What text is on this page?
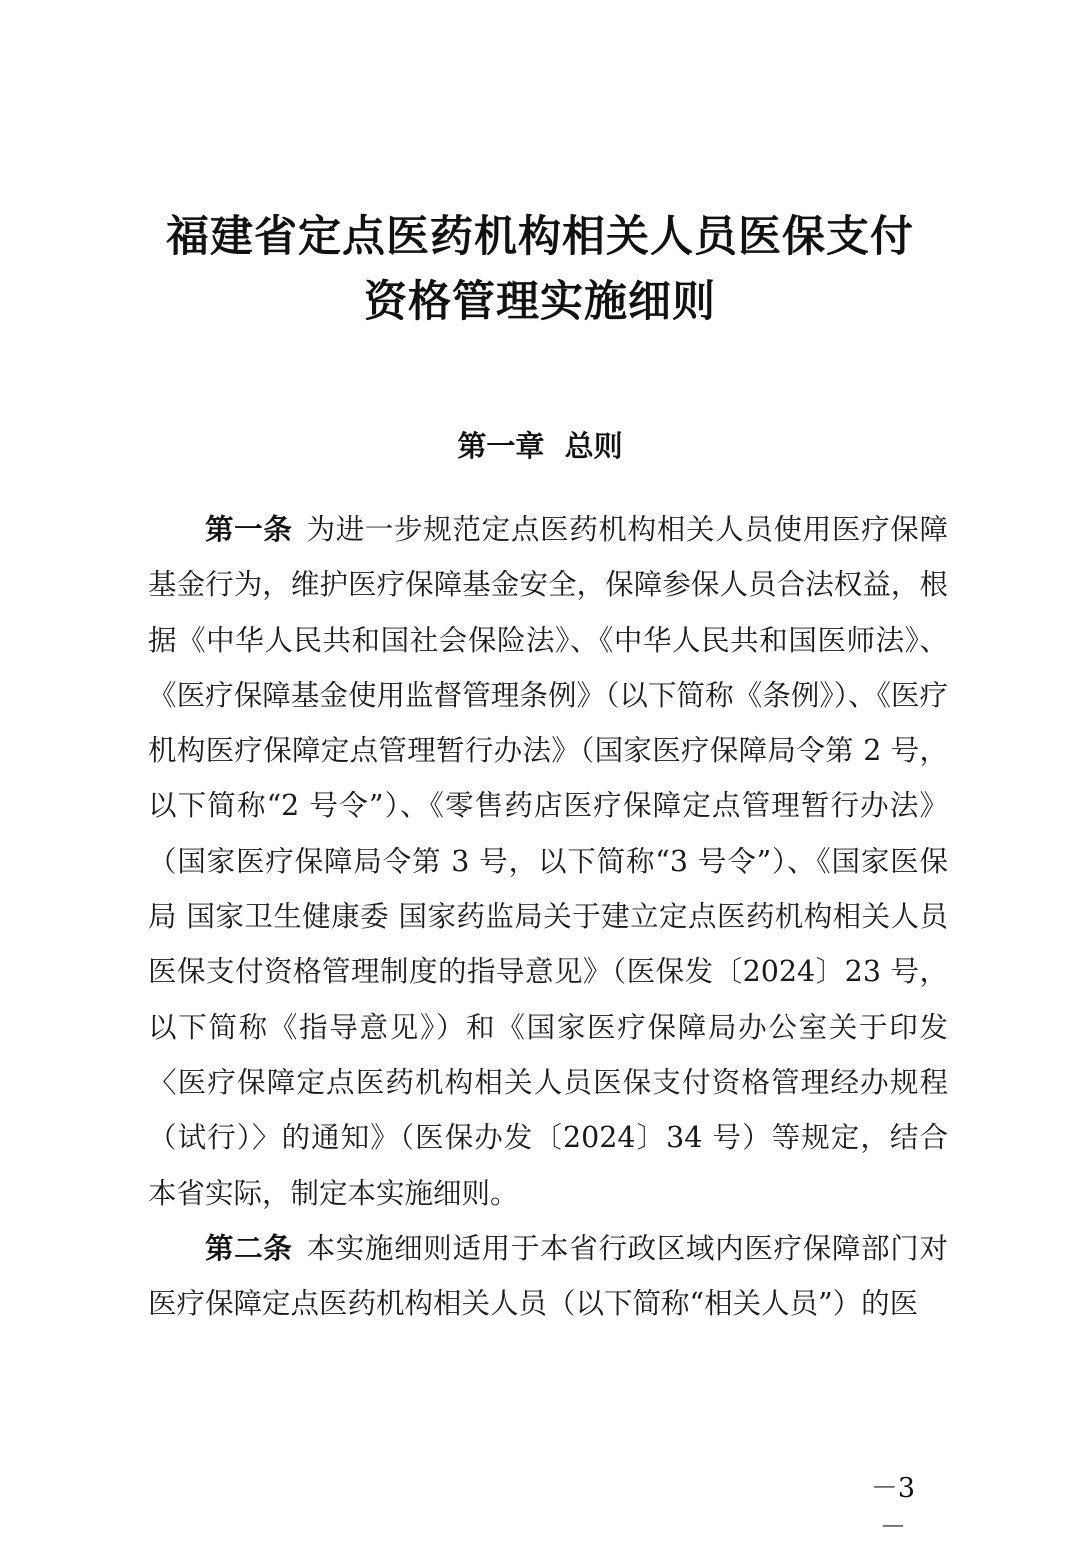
福建省定点医药机构相关人员医保支付
资格管理实施细则
第一章 总则

第一条 为进一步规范定点医药机构相关人员使用医疗保障基金行为，维护医疗保障基金安全，保障参保人员合法权益，根据《中华人民共和国社会保险法》、《中华人民共和国医师法》、《医疗保障基金使用监督管理条例》（以下简称《条例》）、《医疗机构医疗保障定点管理暂行办法》（国家医疗保障局令第 2 号，以下简称“2 号令”）、《零售药店医疗保障定点管理暂行办法》（国家医疗保障局令第 3 号，以下简称“3 号令”）、《国家医保局 国家卫生健康委 国家药监局关于建立定点医药机构相关人员医保支付资格管理制度的指导意见》（医保发〔2024〕23 号，以下简称《指导意见》）和《国家医疗保障局办公室关于印发〈医疗保障定点医药机构相关人员医保支付资格管理经办规程（试行）〉的通知》（医保办发〔2024〕34 号）等规定，结合本省实际，制定本实施细则。

第二条 本实施细则适用于本省行政区域内医疗保障部门对医疗保障定点医药机构相关人员（以下简称“相关人员”）的医

－3－
